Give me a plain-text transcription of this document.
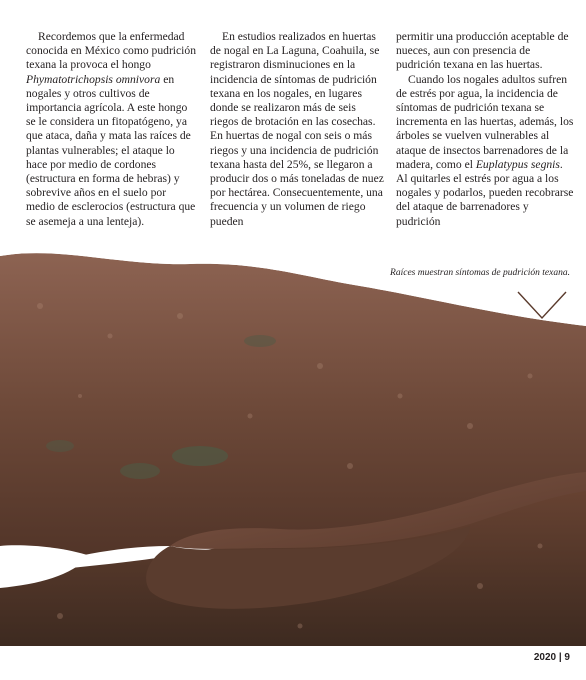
Recordemos que la enfermedad conocida en México como pudrición texana la provoca el hongo Phymatotrichopsis omnivora en nogales y otros cultivos de importancia agrícola. A este hongo se le considera un fitopatógeno, ya que ataca, daña y mata las raíces de plantas vulnerables; el ataque lo hace por medio de cordones (estructura en forma de hebras) y sobrevive años en el suelo por medio de esclerocios (estructura que se asemeja a una lenteja).

En estudios realizados en huertas de nogal en La Laguna, Coahuila, se registraron disminuciones en la incidencia de síntomas de pudrición texana en los nogales, en lugares donde se realizaron más de seis riegos de brotación en las cosechas. En huertas de nogal con seis o más riegos y una incidencia de pudrición texana hasta del 25%, se llegaron a producir dos o más toneladas de nuez por hectárea. Consecuentemente, una frecuencia y un volumen de riego pueden

permitir una producción aceptable de nueces, aun con presencia de pudrición texana en las huertas.

Cuando los nogales adultos sufren de estrés por agua, la incidencia de síntomas de pudrición texana se incrementa en las huertas, además, los árboles se vuelven vulnerables al ataque de insectos barrenadores de la madera, como el Euplatypus segnis. Al quitarles el estrés por agua a los nogales y podarlos, pueden recobrarse del ataque de barrenadores y pudrición

Raíces muestran síntomas de pudrición texana.
2020 | 9
